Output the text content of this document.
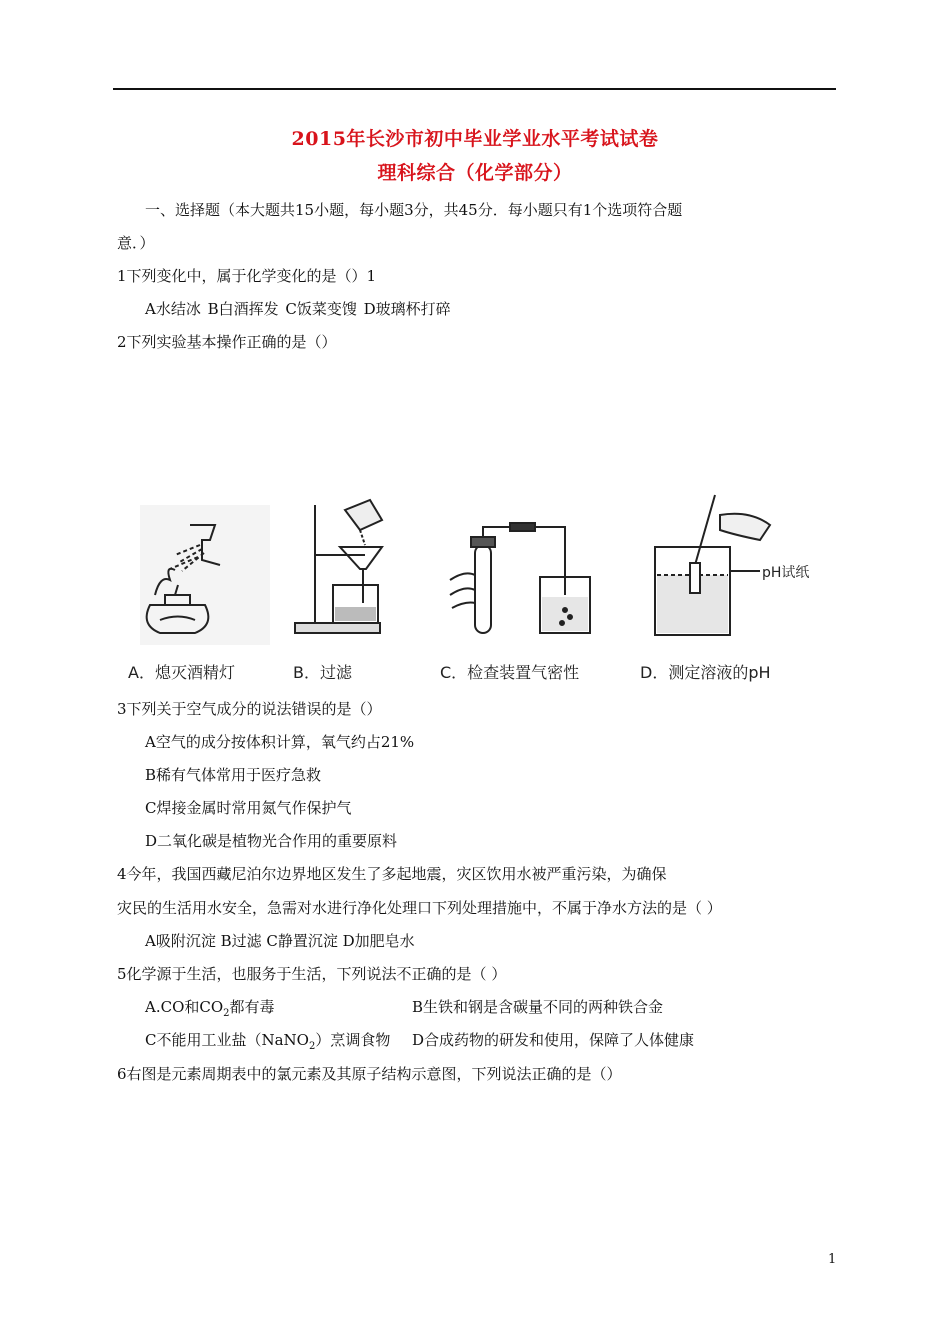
2015年长沙市初中毕业学业水平考试试卷
理科综合（化学部分）
一、选择题（本大题共15小题，每小题3分，共45分．每小题只有1个选项符合题
意．）
1下列变化中，属于化学变化的是（）1
A水结冰 B白酒挥发 C饭菜变馊 D玻璃杯打碎
2下列实验基本操作正确的是（）
pH试纸
A．熄灭酒精灯	B．过滤	C．检查装置气密性	D．测定溶液的pH
3下列关于空气成分的说法错误的是（）
A空气的成分按体积计算，氧气约占21%
B稀有气体常用于医疗急救
C焊接金属时常用氮气作保护气
D二氧化碳是植物光合作用的重要原料
4今年，我国西藏尼泊尔边界地区发生了多起地震，灾区饮用水被严重污染，为确保
灾民的生活用水安全，急需对水进行净化处理口下列处理措施中，不属于净水方法的是（ ）
A吸附沉淀 B过滤 C静置沉淀 D加肥皂水
5化学源于生活，也服务于生活，下列说法不正确的是（ ）
A.CO和$CO_2$都有毒	B生铁和钢是含碳量不同的两种铁合金
C不能用工业盐（NaNO$_2$）烹调食物 D合成药物的研发和使用，保障了人体健康
6右图是元素周期表中的氯元素及其原子结构示意图，下列说法正确的是（）
1
